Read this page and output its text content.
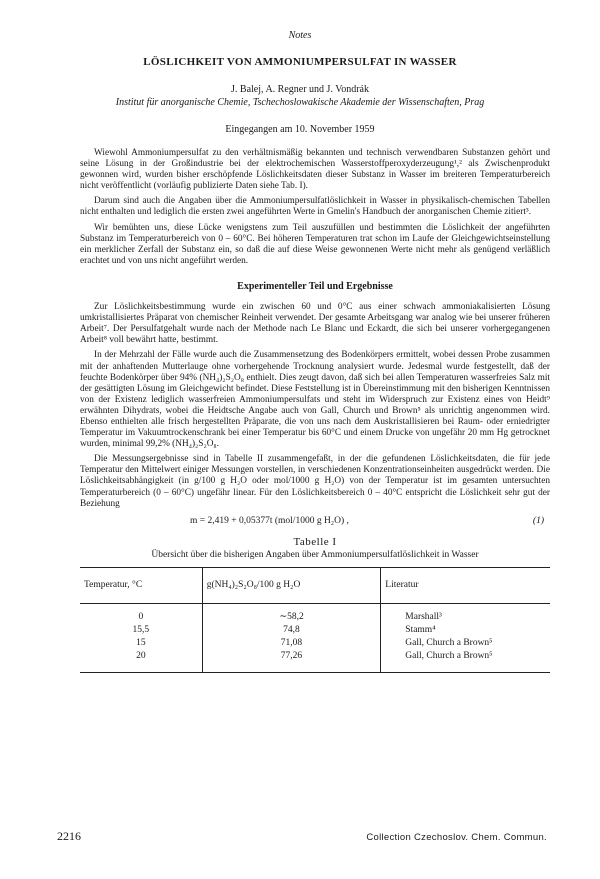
Notes
LÖSLICHKEIT VON AMMONIUMPERSULFAT IN WASSER
J. Balej, A. Regner und J. Vondrák
Institut für anorganische Chemie, Tschechoslowakische Akademie der Wissenschaften, Prag
Eingegangen am 10. November 1959

Wiewohl Ammoniumpersulfat zu den verhältnismäßig bekannten und technisch verwendbaren Substanzen gehört und seine Lösung in der Großindustrie bei der elektrochemischen Wasserstoffperoxyderzeugung¹,² als Zwischenprodukt gewonnen wird, wurden bisher erschöpfende Löslichkeitsdaten dieser Substanz in Wasser im breiteren Temperaturbereich nicht veröffentlicht (vorläufig publizierte Daten siehe Tab. I).

Darum sind auch die Angaben über die Ammoniumpersulfatlöslichkeit in Wasser in physikalisch-chemischen Tabellen nicht enthalten und lediglich die ersten zwei angeführten Werte in Gmelin's Handbuch der anorganischen Chemie zitiert³.

Wir bemühten uns, diese Lücke wenigstens zum Teil auszufüllen und bestimmten die Löslichkeit der angeführten Substanz im Temperaturbereich von 0 – 60°C. Bei höheren Temperaturen trat schon im Laufe der Gleichgewichtseinstellung ein merklicher Zerfall der Substanz ein, so daß die auf diese Weise gewonnenen Werte nicht mehr als genügend verläßlich erachtet und von uns nicht angeführt werden.

Experimenteller Teil und Ergebnisse

Zur Löslichkeitsbestimmung wurde ein zwischen 60 und 0°C aus einer schwach ammoniakalisierten Lösung umkristallisiertes Präparat von chemischer Reinheit verwendet. Der gesamte Arbeitsgang war analog wie bei unserer früheren Arbeit⁷. Der Persulfatgehalt wurde nach der Methode nach Le Blanc und Eckardt, die sich bei unserer vorhergegangenen Arbeit⁸ voll bewährt hatte, bestimmt.

In der Mehrzahl der Fälle wurde auch die Zusammensetzung des Bodenkörpers ermittelt, wobei dessen Probe zusammen mit der anhaftenden Mutterlauge ohne vorhergehende Trocknung analysiert wurde. Jedesmal wurde festgestellt, daß der feuchte Bodenkörper über 94% (NH₄)₂S₂O₈ enthielt. Dies zeugt davon, daß sich bei allen Temperaturen wasserfreies Salz mit der gesättigten Lösung im Gleichgewicht befindet. Diese Feststellung ist in Übereinstimmung mit den bisherigen Kenntnissen von der Existenz lediglich wasserfreien Ammoniumpersulfats und steht im Widerspruch zur Existenz eines von Heidt⁹ erwähnten Dihydrats, wobei die Heidtsche Angabe auch von Gall, Church und Brown⁵ als unrichtig angenommen wird. Ebenso enthielten alle frisch hergestellten Präparate, die von uns nach dem Auskristallisieren bei Raum- oder erniedrigter Temperatur im Vakuumtrockenschrank bei einer Temperatur bis 60°C und einem Drucke von ungefähr 20 mm Hg getrocknet wurden, minimal 99,2% (NH₄)₂S₂O₈.

Die Messungsergebnisse sind in Tabelle II zusammengefaßt, in der die gefundenen Löslichkeitsdaten, die für jede Temperatur den Mittelwert einiger Messungen vorstellen, in verschiedenen Konzentrationseinheiten ausgedrückt werden. Die Löslichkeitsabhängigkeit (in g/100 g H₂O oder mol/1000 g H₂O) von der Temperatur ist im gesamten untersuchten Temperaturbereich (0 – 60°C) ungefähr linear. Für den Löslichkeitsbereich 0 – 40°C entspricht die Löslichkeit sehr gut der Beziehung

m = 2,419 + 0,05377t (mol/1000 g H₂O) ,	(1)
Tabelle I
Übersicht über die bisherigen Angaben über Ammoniumpersulfatlöslichkeit in Wasser
Temperatur, °C	g(NH₄)₂S₂O₈/100 g H₂O	Literatur
0	∼58,2	Marshall³
15,5	74,8	Stamm⁴
15	71,08	Gall, Church a Brown⁵
20	77,26	Gall, Church a Brown⁵
2216	Collection Czechoslov. Chem. Commun.
